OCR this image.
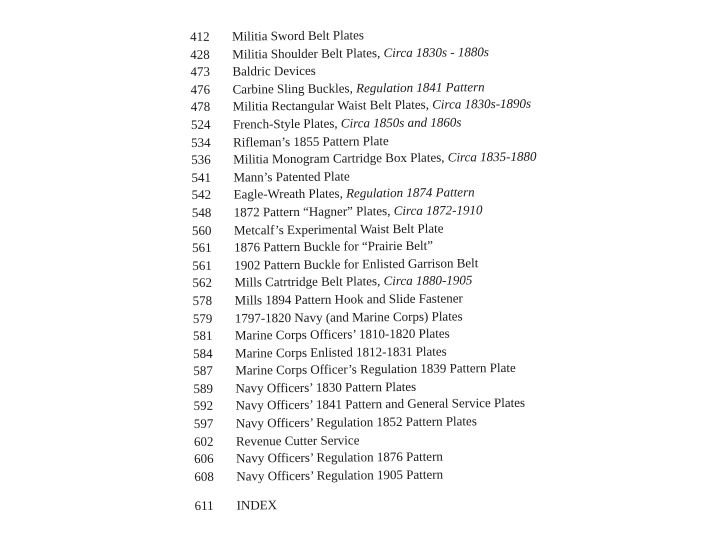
412	Militia Sword Belt Plates
428	Militia Shoulder Belt Plates, Circa 1830s - 1880s
473	Baldric Devices
476	Carbine Sling Buckles, Regulation 1841 Pattern
478	Militia Rectangular Waist Belt Plates, Circa 1830s-1890s
524	French-Style Plates, Circa 1850s and 1860s
534	Rifleman’s 1855 Pattern Plate
536	Militia Monogram Cartridge Box Plates, Circa 1835-1880
541	Mann’s Patented Plate
542	Eagle-Wreath Plates, Regulation 1874 Pattern
548	1872 Pattern “Hagner” Plates, Circa 1872-1910
560	Metcalf’s Experimental Waist Belt Plate
561	1876 Pattern Buckle for “Prairie Belt”
561	1902 Pattern Buckle for Enlisted Garrison Belt
562	Mills Catrtridge Belt Plates, Circa 1880-1905
578	Mills 1894 Pattern Hook and Slide Fastener
579	1797-1820 Navy (and Marine Corps) Plates
581	Marine Corps Officers’ 1810-1820 Plates
584	Marine Corps Enlisted 1812-1831 Plates
587	Marine Corps Officer’s Regulation 1839 Pattern Plate
589	Navy Officers’ 1830 Pattern Plates
592	Navy Officers’ 1841 Pattern and General Service Plates
597	Navy Officers’ Regulation 1852 Pattern Plates
602	Revenue Cutter Service
606	Navy Officers’ Regulation 1876 Pattern
608	Navy Officers’ Regulation 1905 Pattern
611	INDEX
